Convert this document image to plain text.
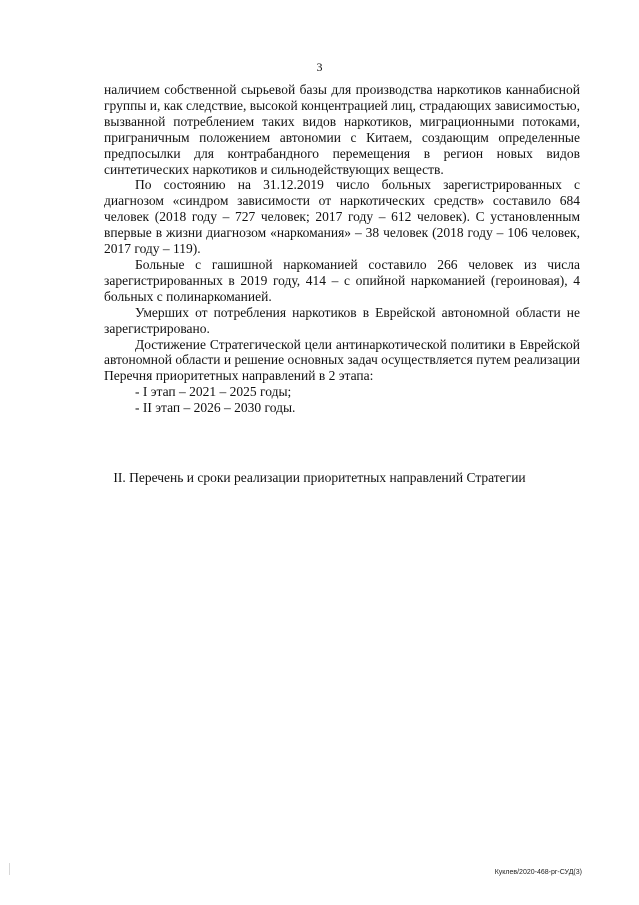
3

наличием собственной сырьевой базы для производства наркотиков каннабисной группы и, как следствие, высокой концентрацией лиц, страдающих зависимостью, вызванной потреблением таких видов наркотиков, миграционными потоками, приграничным положением автономии с Китаем, создающим определенные предпосылки для контрабандного перемещения в регион новых видов синтетических наркотиков и сильнодействующих веществ.

По состоянию на 31.12.2019 число больных зарегистрированных с диагнозом «синдром зависимости от наркотических средств» составило 684 человек (2018 году – 727 человек; 2017 году – 612 человек). С установленным впервые в жизни диагнозом «наркомания» – 38 человек (2018 году – 106 человек, 2017 году – 119).

Больные с гашишной наркоманией составило 266 человек из числа зарегистрированных в 2019 году, 414 – с опийной наркоманией (героиновая), 4 больных с полинаркоманией.

Умерших от потребления наркотиков в Еврейской автономной области не зарегистрировано.

Достижение Стратегической цели антинаркотической политики в Еврейской автономной области и решение основных задач осуществляется путем реализации Перечня приоритетных направлений в 2 этапа:

- I этап – 2021 – 2025 годы;

- II этап – 2026 – 2030 годы.

II. Перечень и сроки реализации приоритетных направлений Стратегии

Куклев/2020-468-рг-СУД(3)
